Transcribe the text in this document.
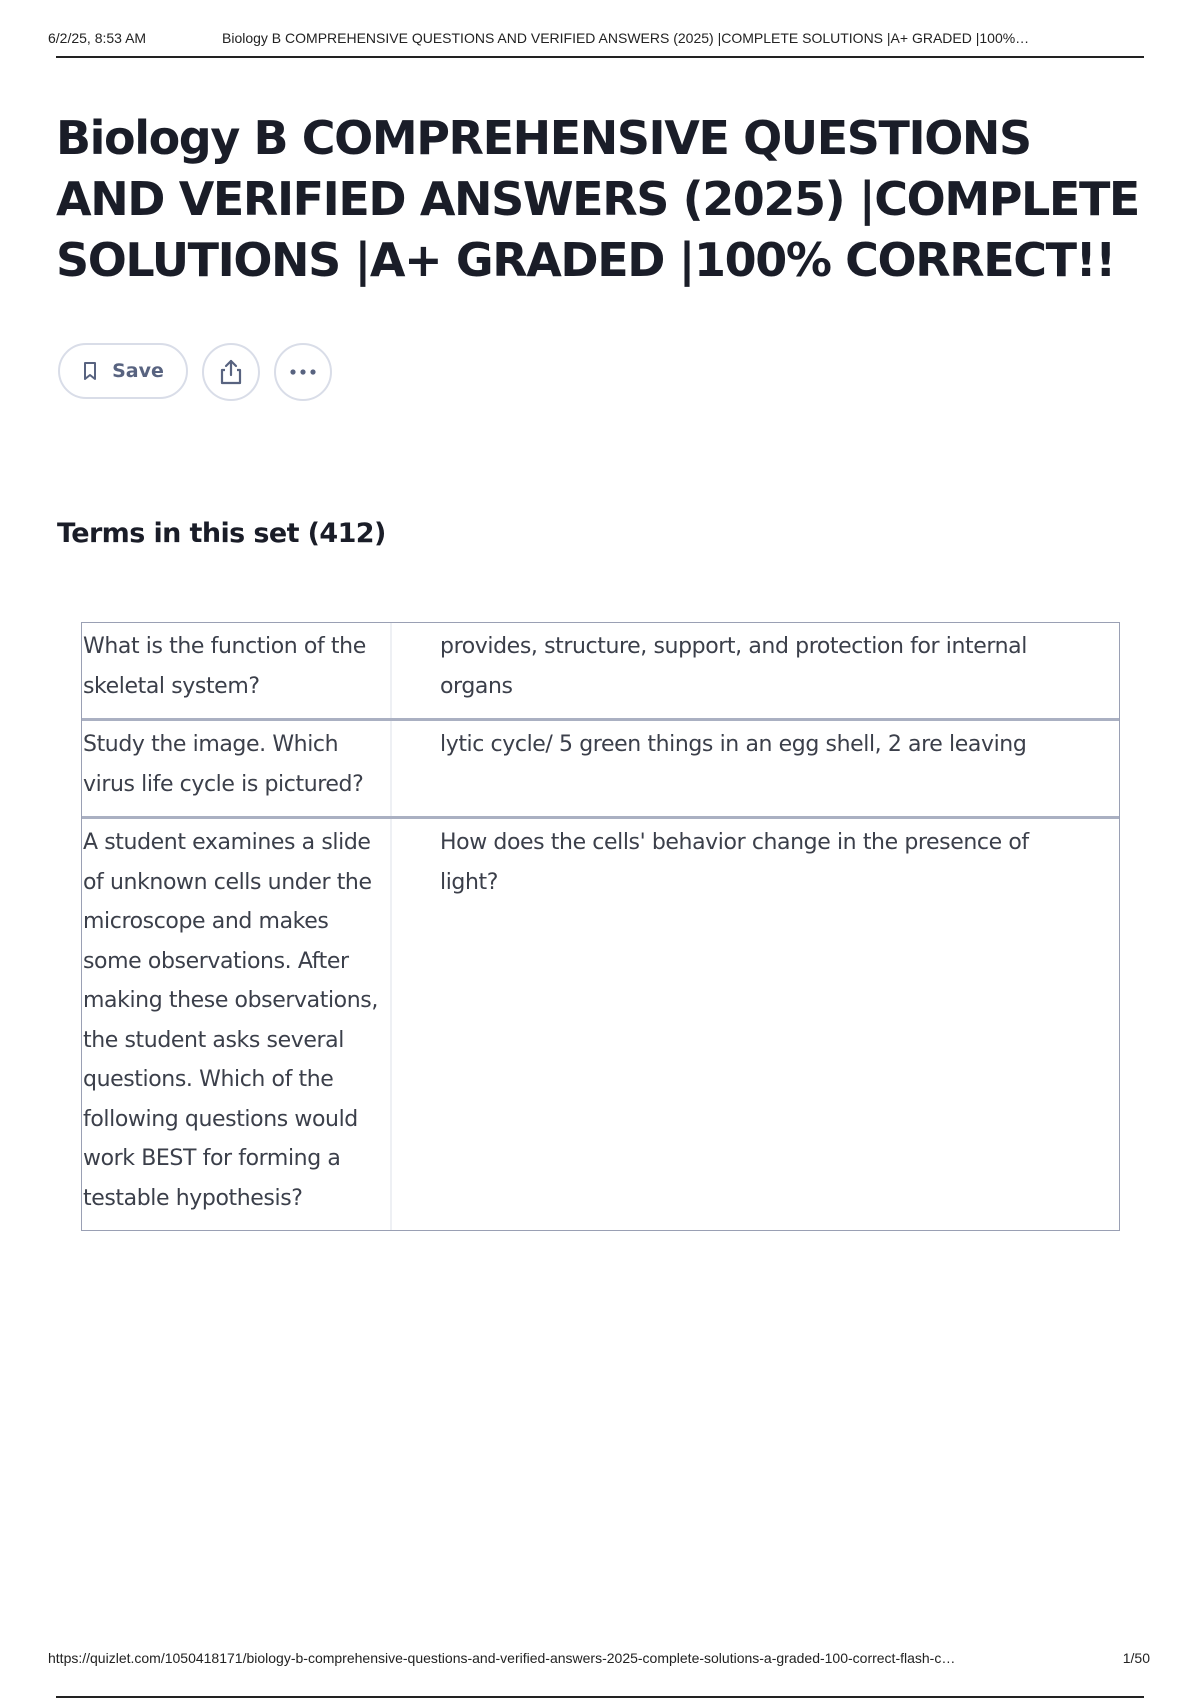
6/2/25, 8:53 AM	Biology B COMPREHENSIVE QUESTIONS AND VERIFIED ANSWERS (2025) |COMPLETE SOLUTIONS |A+ GRADED |100%…
Biology B COMPREHENSIVE QUESTIONS AND VERIFIED ANSWERS (2025) |COMPLETE SOLUTIONS |A+ GRADED |100% CORRECT!!
Save
Terms in this set (412)
What is the function of the skeletal system?
provides, structure, support, and protection for internal organs
Study the image. Which virus life cycle is pictured?
lytic cycle/ 5 green things in an egg shell, 2 are leaving
A student examines a slide of unknown cells under the microscope and makes some observations. After making these observations, the student asks several questions. Which of the following questions would work BEST for forming a testable hypothesis?
How does the cells' behavior change in the presence of light?
https://quizlet.com/1050418171/biology-b-comprehensive-questions-and-verified-answers-2025-complete-solutions-a-graded-100-correct-flash-c…	1/50
